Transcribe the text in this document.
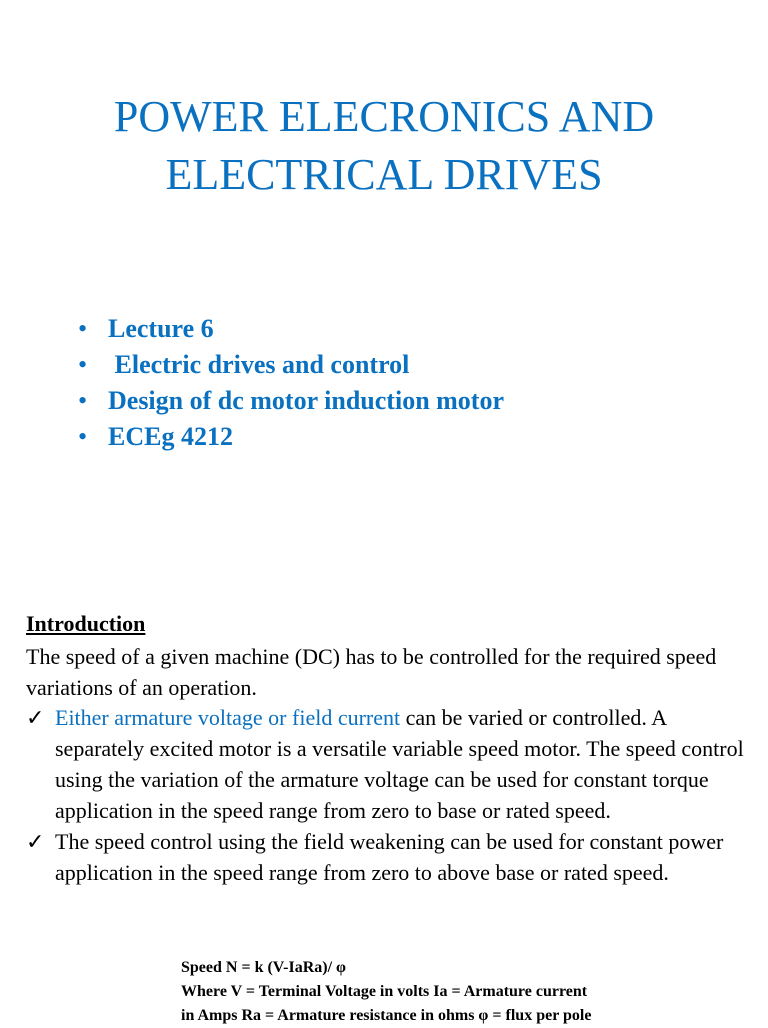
POWER ELECRONICS AND
ELECTRICAL DRIVES
• Lecture 6
• Electric drives and control
• Design of dc motor induction motor
• ECEg 4212
Introduction

The speed of a given machine (DC) has to be controlled for the required speed variations of an operation.

✓ Either armature voltage or field current can be varied or controlled. A separately excited motor is a versatile variable speed motor. The speed control using the variation of the armature voltage can be used for constant torque application in the speed range from zero to base or rated speed.
✓ The speed control using the field weakening can be used for constant power application in the speed range from zero to above base or rated speed.
Speed N = k (V-IaRa)/ φ
Where V = Terminal Voltage in volts Ia = Armature current
in Amps Ra = Armature resistance in ohms φ = flux per pole
